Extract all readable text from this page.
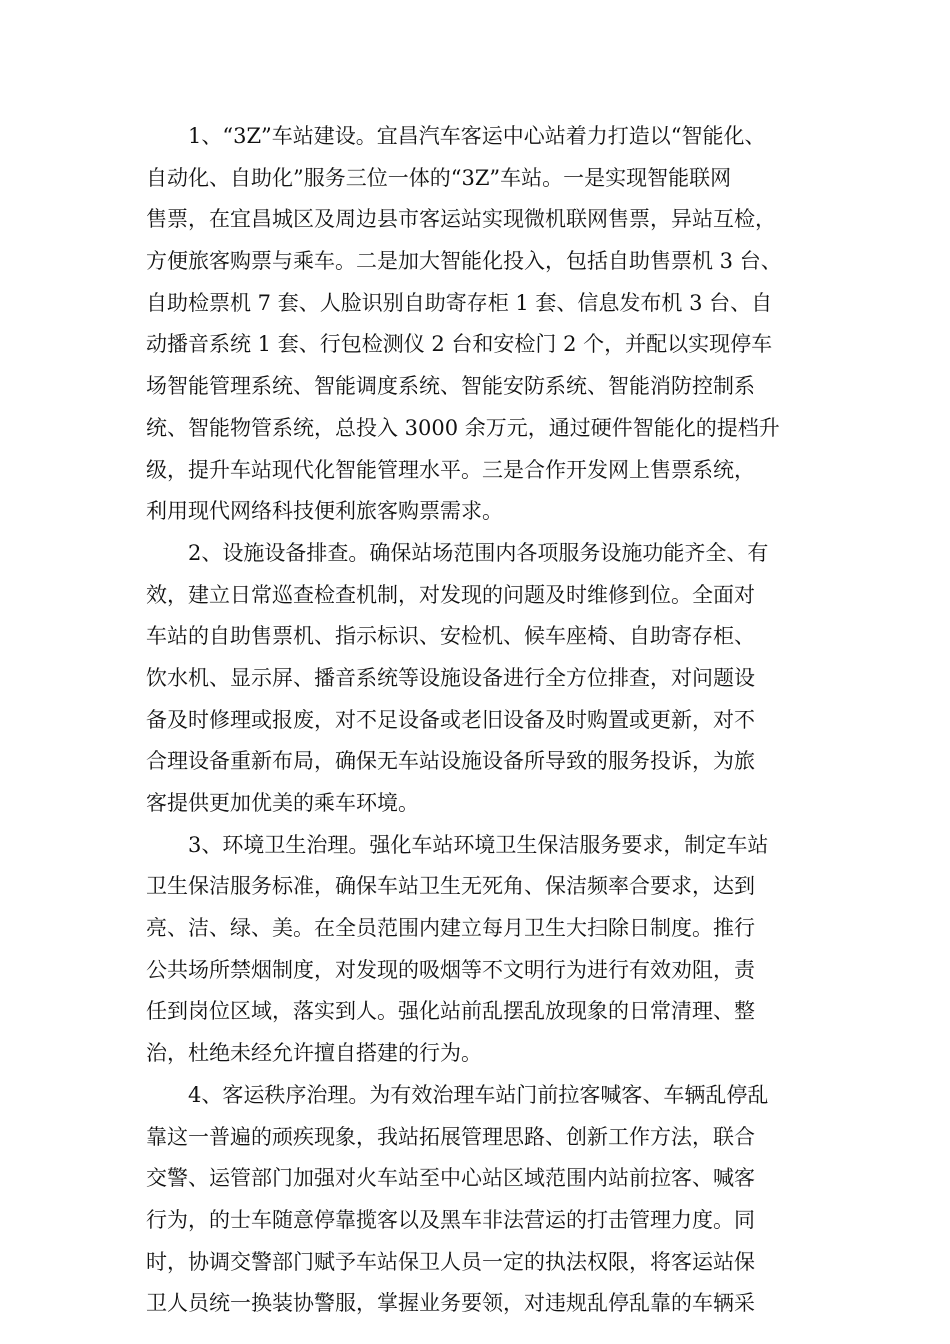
1、“3Z”车站建设。宜昌汽车客运中心站着力打造以“智能化、
自动化、自助化”服务三位一体的“3Z”车站。一是实现智能联网
售票，在宜昌城区及周边县市客运站实现微机联网售票，异站互检，
方便旅客购票与乘车。二是加大智能化投入，包括自助售票机 3 台、
自助检票机 7 套、人脸识别自助寄存柜 1 套、信息发布机 3 台、自
动播音系统 1 套、行包检测仪 2 台和安检门 2 个，并配以实现停车
场智能管理系统、智能调度系统、智能安防系统、智能消防控制系
统、智能物管系统，总投入 3000 余万元，通过硬件智能化的提档升
级，提升车站现代化智能管理水平。三是合作开发网上售票系统，
利用现代网络科技便利旅客购票需求。
2、设施设备排查。确保站场范围内各项服务设施功能齐全、有
效，建立日常巡查检查机制，对发现的问题及时维修到位。全面对
车站的自助售票机、指示标识、安检机、候车座椅、自助寄存柜、
饮水机、显示屏、播音系统等设施设备进行全方位排查，对问题设
备及时修理或报废，对不足设备或老旧设备及时购置或更新，对不
合理设备重新布局，确保无车站设施设备所导致的服务投诉，为旅
客提供更加优美的乘车环境。
3、环境卫生治理。强化车站环境卫生保洁服务要求，制定车站
卫生保洁服务标准，确保车站卫生无死角、保洁频率合要求，达到
亮、洁、绿、美。在全员范围内建立每月卫生大扫除日制度。推行
公共场所禁烟制度，对发现的吸烟等不文明行为进行有效劝阻，责
任到岗位区域，落实到人。强化站前乱摆乱放现象的日常清理、整
治，杜绝未经允许擅自搭建的行为。
4、客运秩序治理。为有效治理车站门前拉客喊客、车辆乱停乱
靠这一普遍的顽疾现象，我站拓展管理思路、创新工作方法，联合
交警、运管部门加强对火车站至中心站区域范围内站前拉客、喊客
行为，的士车随意停靠揽客以及黑车非法营运的打击管理力度。同
时，协调交警部门赋予车站保卫人员一定的执法权限，将客运站保
卫人员统一换装协警服，掌握业务要领，对违规乱停乱靠的车辆采
